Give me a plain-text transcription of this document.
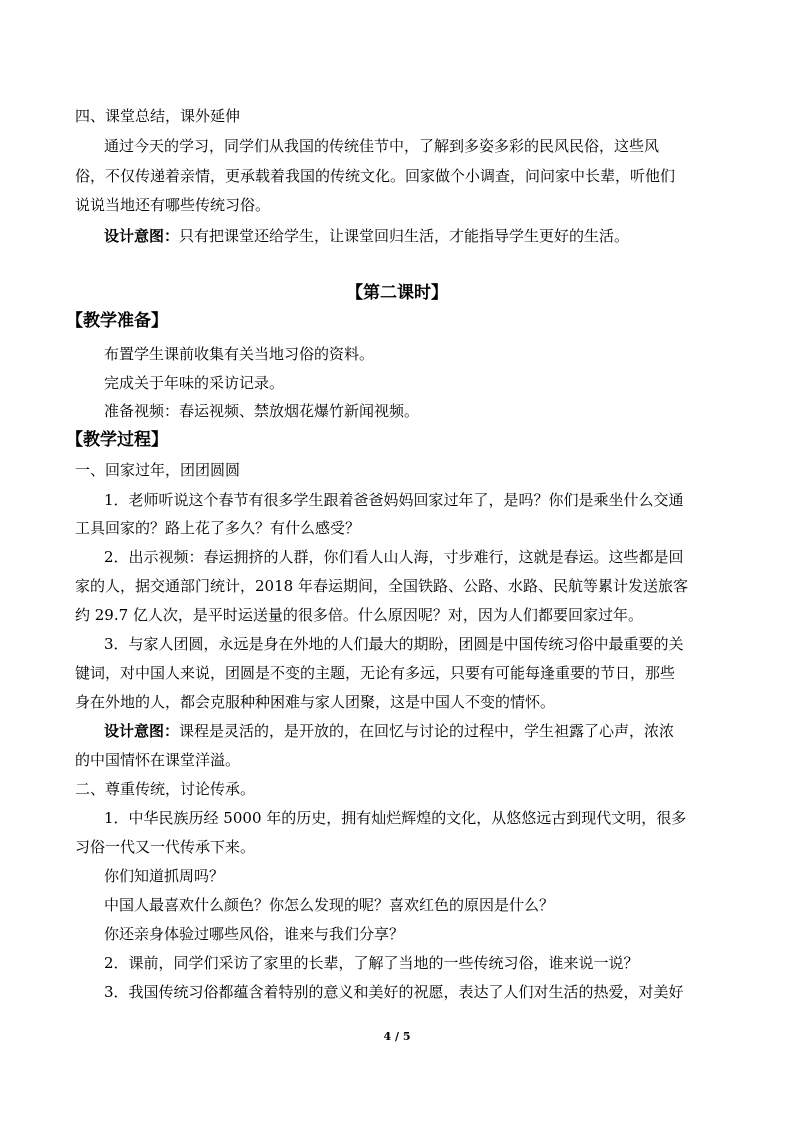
四、课堂总结，课外延伸
通过今天的学习，同学们从我国的传统佳节中，了解到多姿多彩的民风民俗，这些风
俗，不仅传递着亲情，更承载着我国的传统文化。回家做个小调查，问问家中长辈，听他们
说说当地还有哪些传统习俗。
设计意图：只有把课堂还给学生，让课堂回归生活，才能指导学生更好的生活。
【第二课时】
【教学准备】
布置学生课前收集有关当地习俗的资料。
完成关于年味的采访记录。
准备视频：春运视频、禁放烟花爆竹新闻视频。
【教学过程】
一、回家过年，团团圆圆
1．老师听说这个春节有很多学生跟着爸爸妈妈回家过年了，是吗？你们是乘坐什么交通
工具回家的？路上花了多久？有什么感受？
2．出示视频：春运拥挤的人群，你们看人山人海，寸步难行，这就是春运。这些都是回
家的人，据交通部门统计，2018 年春运期间，全国铁路、公路、水路、民航等累计发送旅客
约 29.7 亿人次，是平时运送量的很多倍。什么原因呢？对，因为人们都要回家过年。
3．与家人团圆，永远是身在外地的人们最大的期盼，团圆是中国传统习俗中最重要的关
键词，对中国人来说，团圆是不变的主题，无论有多远，只要有可能每逢重要的节日，那些
身在外地的人，都会克服种种困难与家人团聚，这是中国人不变的情怀。
设计意图：课程是灵活的，是开放的，在回忆与讨论的过程中，学生袒露了心声，浓浓
的中国情怀在课堂洋溢。
二、尊重传统，讨论传承。
1．中华民族历经 5000 年的历史，拥有灿烂辉煌的文化，从悠悠远古到现代文明，很多
习俗一代又一代传承下来。
你们知道抓周吗？
中国人最喜欢什么颜色？你怎么发现的呢？喜欢红色的原因是什么？
你还亲身体验过哪些风俗，谁来与我们分享？
2．课前，同学们采访了家里的长辈，了解了当地的一些传统习俗，谁来说一说？
3．我国传统习俗都蕴含着特别的意义和美好的祝愿，表达了人们对生活的热爱，对美好
4 / 5
